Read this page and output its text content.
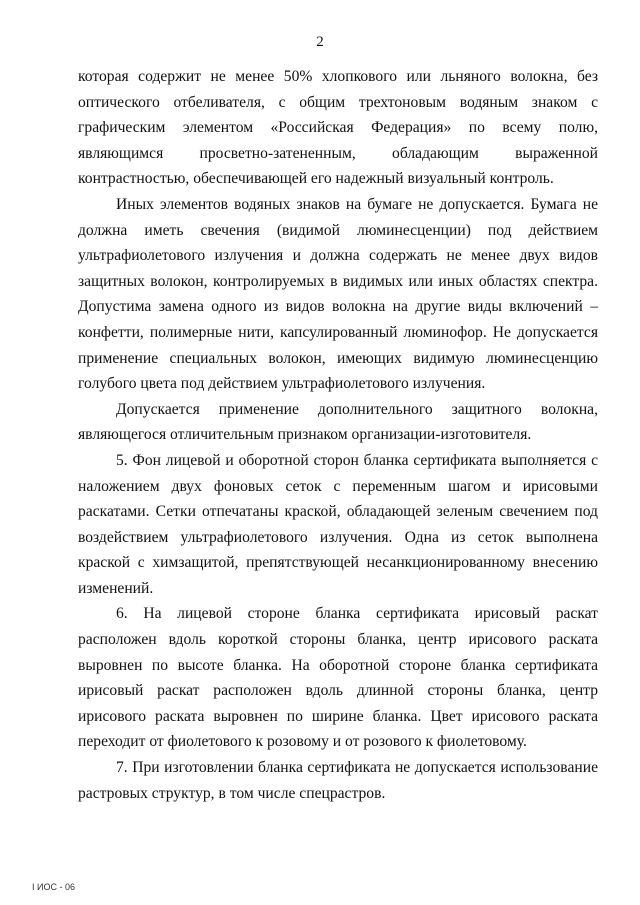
2

которая содержит не менее 50% хлопкового или льняного волокна, без оптического отбеливателя, с общим трехтоновым водяным знаком с графическим элементом «Российская Федерация» по всему полю, являющимся просветно-затененным, обладающим выраженной контрастностью, обеспечивающей его надежный визуальный контроль.

Иных элементов водяных знаков на бумаге не допускается. Бумага не должна иметь свечения (видимой люминесценции) под действием ультрафиолетового излучения и должна содержать не менее двух видов защитных волокон, контролируемых в видимых или иных областях спектра. Допустима замена одного из видов волокна на другие виды включений – конфетти, полимерные нити, капсулированный люминофор. Не допускается применение специальных волокон, имеющих видимую люминесценцию голубого цвета под действием ультрафиолетового излучения.

Допускается применение дополнительного защитного волокна, являющегося отличительным признаком организации-изготовителя.

5. Фон лицевой и оборотной сторон бланка сертификата выполняется с наложением двух фоновых сеток с переменным шагом и ирисовыми раскатами. Сетки отпечатаны краской, обладающей зеленым свечением под воздействием ультрафиолетового излучения. Одна из сеток выполнена краской с химзащитой, препятствующей несанкционированному внесению изменений.

6. На лицевой стороне бланка сертификата ирисовый раскат расположен вдоль короткой стороны бланка, центр ирисового раската выровнен по высоте бланка. На оборотной стороне бланка сертификата ирисовый раскат расположен вдоль длинной стороны бланка, центр ирисового раската выровнен по ширине бланка. Цвет ирисового раската переходит от фиолетового к розовому и от розового к фиолетовому.

7. При изготовлении бланка сертификата не допускается использование растровых структур, в том числе спецрастров.

І ИОС - 06
